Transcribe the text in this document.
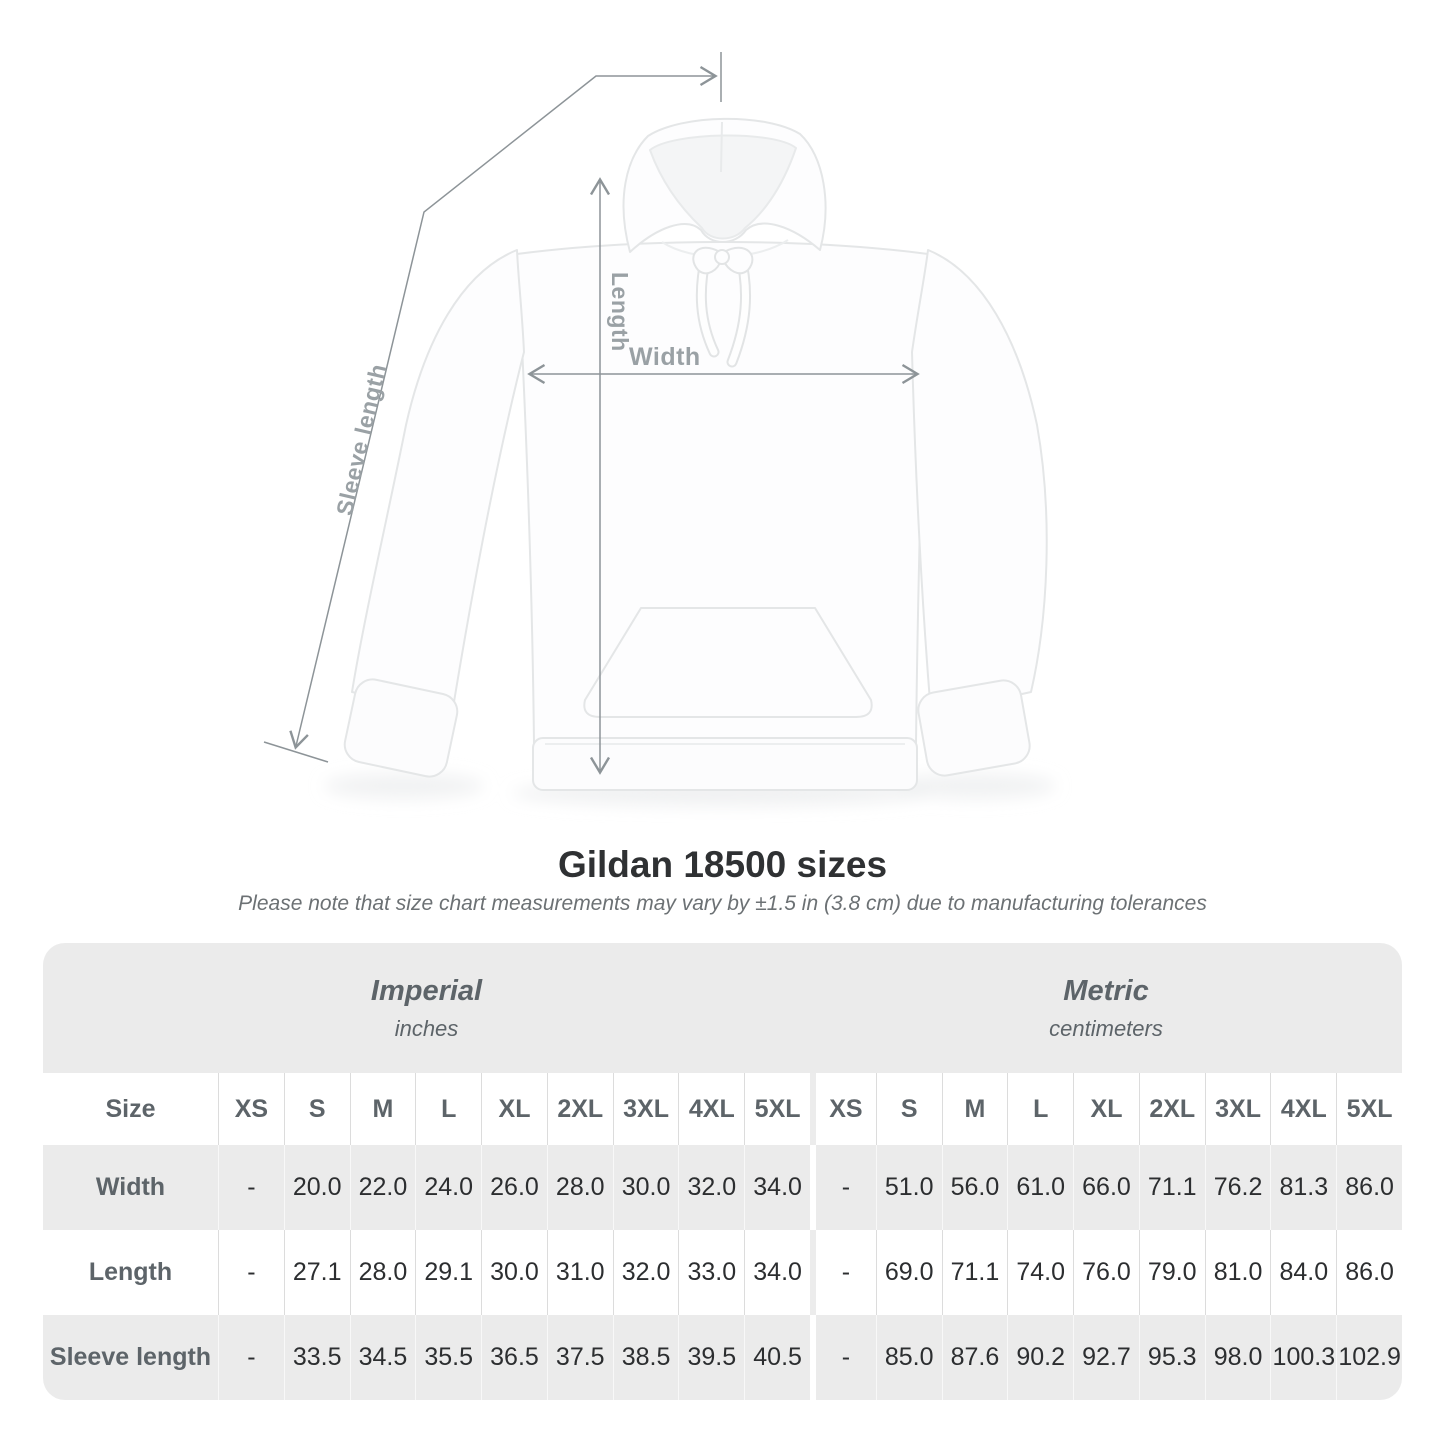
Length
Width
Sleeve length
Gildan 18500 sizes

Please note that size chart measurements may vary by ±1.5 in (3.8 cm) due to manufacturing tolerances

Imperial
inches
Metric
centimeters
Size	XS	S	M	L	XL	2XL 3XL 4XL 5XL	XS	S	M	L	XL	2XL 3XL 4XL 5XL
Width	-	20.0 22.0 24.0 26.0 28.0 30.0 32.0 34.0	-	51.0 56.0 61.0 66.0 71.1 76.2 81.3 86.0
Length	-	27.1 28.0 29.1 30.0 31.0 32.0 33.0 34.0	-	69.0 71.1 74.0 76.0 79.0 81.0 84.0 86.0
Sleeve length	-	33.5 34.5 35.5 36.5 37.5 38.5 39.5 40.5	-	85.0 87.6 90.2 92.7 95.3 98.0 100.3 102.9
